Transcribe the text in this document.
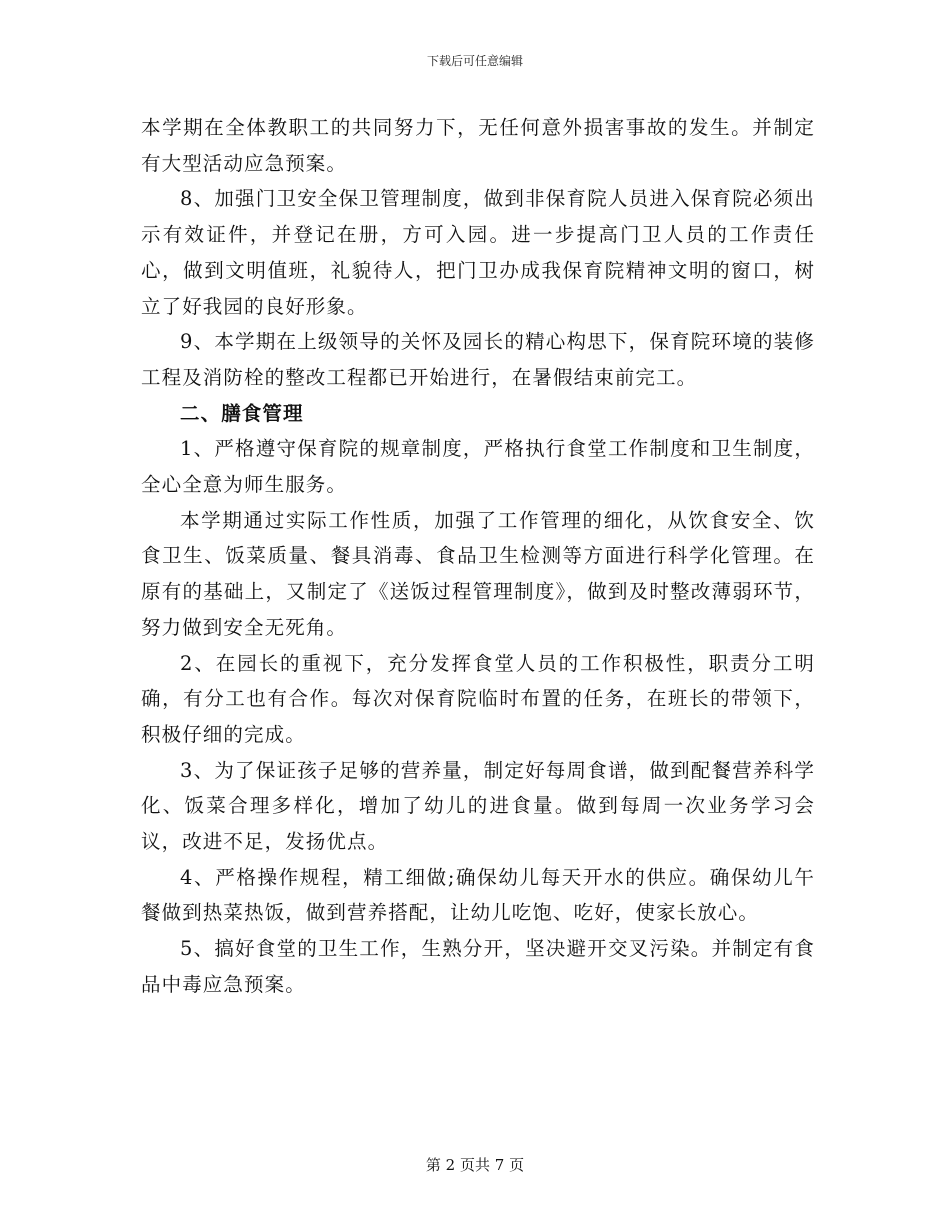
下载后可任意编辑

本学期在全体教职工的共同努力下，无任何意外损害事故的发生。并制定有大型活动应急预案。

8、加强门卫安全保卫管理制度，做到非保育院人员进入保育院必须出示有效证件，并登记在册，方可入园。进一步提高门卫人员的工作责任心，做到文明值班，礼貌待人，把门卫办成我保育院精神文明的窗口，树立了好我园的良好形象。

9、本学期在上级领导的关怀及园长的精心构思下，保育院环境的装修工程及消防栓的整改工程都已开始进行，在暑假结束前完工。

二、膳食管理

1、严格遵守保育院的规章制度，严格执行食堂工作制度和卫生制度，全心全意为师生服务。

本学期通过实际工作性质，加强了工作管理的细化，从饮食安全、饮食卫生、饭菜质量、餐具消毒、食品卫生检测等方面进行科学化管理。在原有的基础上，又制定了《送饭过程管理制度》，做到及时整改薄弱环节，努力做到安全无死角。

2、在园长的重视下，充分发挥食堂人员的工作积极性，职责分工明确，有分工也有合作。每次对保育院临时布置的任务，在班长的带领下，积极仔细的完成。

3、为了保证孩子足够的营养量，制定好每周食谱，做到配餐营养科学化、饭菜合理多样化，增加了幼儿的进食量。做到每周一次业务学习会议，改进不足，发扬优点。

4、严格操作规程，精工细做;确保幼儿每天开水的供应。确保幼儿午餐做到热菜热饭，做到营养搭配，让幼儿吃饱、吃好，使家长放心。

5、搞好食堂的卫生工作，生熟分开，坚决避开交叉污染。并制定有食品中毒应急预案。

第 2 页共 7 页
